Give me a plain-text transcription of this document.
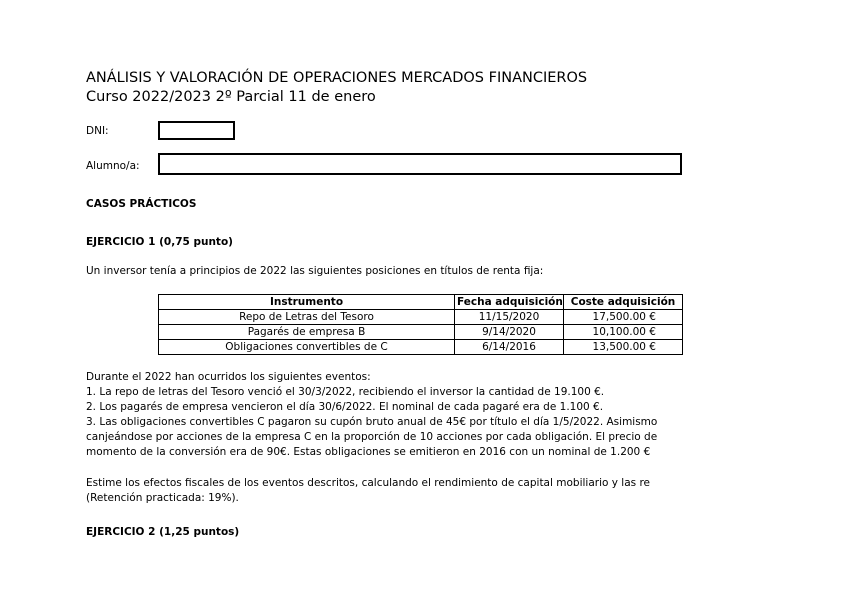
ANÁLISIS Y VALORACIÓN DE OPERACIONES MERCADOS FINANCIEROS
Curso 2022/2023 2º Parcial 11 de enero
DNI:
Alumno/a:
CASOS PRÁCTICOS
EJERCICIO 1 (0,75 punto)
Un inversor tenía a principios de 2022 las siguientes posiciones en títulos de renta fija:
Instrumento	Fecha adquisición	Coste adquisición
Repo de Letras del Tesoro	11/15/2020	17,500.00 €
Pagarés de empresa B	9/14/2020	10,100.00 €
Obligaciones convertibles de C	6/14/2016	13,500.00 €
Durante el 2022 han ocurridos los siguientes eventos:
1. La repo de letras del Tesoro venció el 30/3/2022, recibiendo el inversor la cantidad de 19.100 €.
2. Los pagarés de empresa vencieron el día 30/6/2022. El nominal de cada pagaré era de 1.100 €.
3. Las obligaciones convertibles C pagaron su cupón bruto anual de 45€ por título el día 1/5/2022. Asimismo
canjeándose por acciones de la empresa C en la proporción de 10 acciones por cada obligación. El precio de
momento de la conversión era de 90€. Estas obligaciones se emitieron en 2016 con un nominal de 1.200 €
Estime los efectos fiscales de los eventos descritos, calculando el rendimiento de capital mobiliario y las re
(Retención practicada: 19%).
EJERCICIO 2 (1,25 puntos)
